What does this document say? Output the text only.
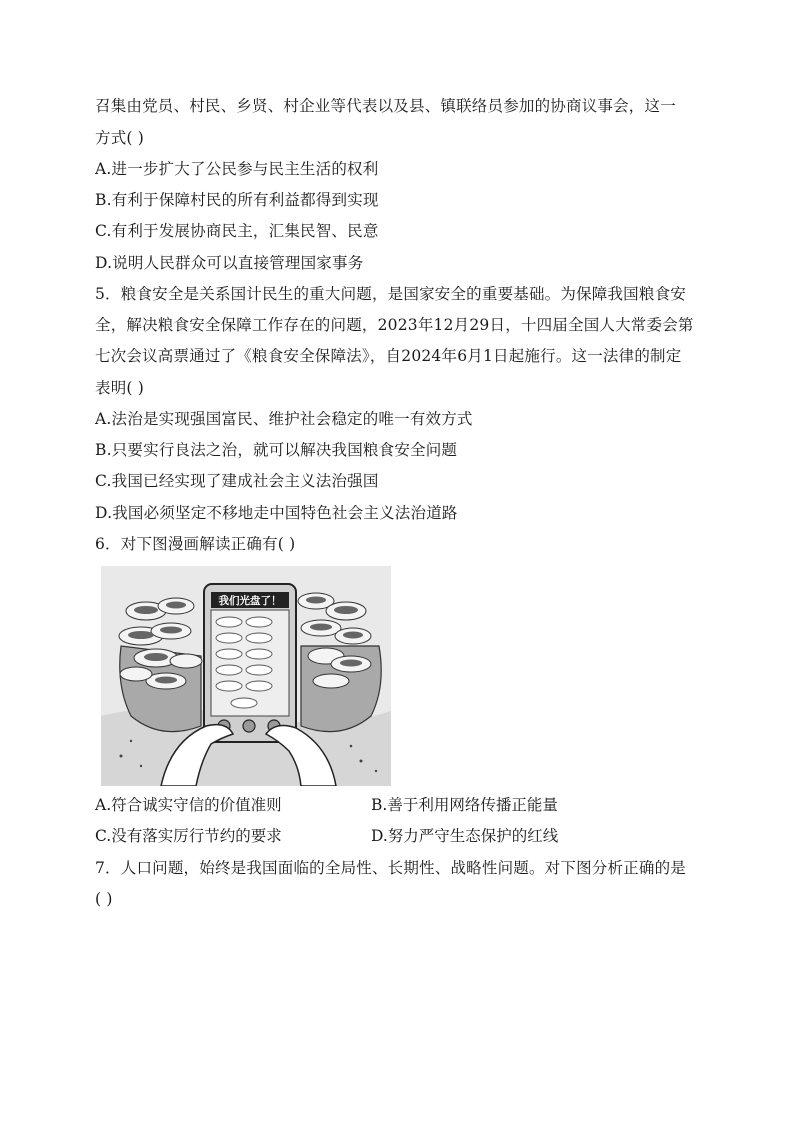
召集由党员、村民、乡贤、村企业等代表以及县、镇联络员参加的协商议事会，这一
方式( )
A.进一步扩大了公民参与民主生活的权利
B.有利于保障村民的所有利益都得到实现
C.有利于发展协商民主，汇集民智、民意
D.说明人民群众可以直接管理国家事务
5．粮食安全是关系国计民生的重大问题，是国家安全的重要基础。为保障我国粮食安
全，解决粮食安全保障工作存在的问题，2023年12月29日，十四届全国人大常委会第
七次会议高票通过了《粮食安全保障法》，自2024年6月1日起施行。这一法律的制定
表明( )
A.法治是实现强国富民、维护社会稳定的唯一有效方式
B.只要实行良法之治，就可以解决我国粮食安全问题
C.我国已经实现了建成社会主义法治强国
D.我国必须坚定不移地走中国特色社会主义法治道路
6．对下图漫画解读正确有( )
我们光盘了！
A.符合诚实守信的价值准则	B.善于利用网络传播正能量
C.没有落实厉行节约的要求	D.努力严守生态保护的红线
7．人口问题，始终是我国面临的全局性、长期性、战略性问题。对下图分析正确的是
( )
